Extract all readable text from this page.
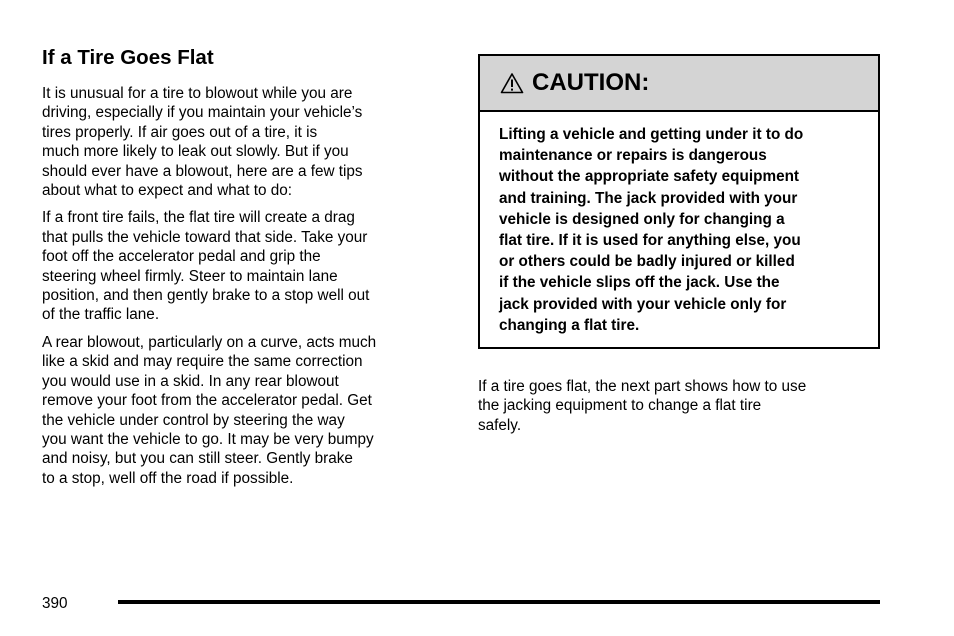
If a Tire Goes Flat

It is unusual for a tire to blowout while you are
driving, especially if you maintain your vehicle’s
tires properly. If air goes out of a tire, it is
much more likely to leak out slowly. But if you
should ever have a blowout, here are a few tips
about what to expect and what to do:

If a front tire fails, the flat tire will create a drag
that pulls the vehicle toward that side. Take your
foot off the accelerator pedal and grip the
steering wheel firmly. Steer to maintain lane
position, and then gently brake to a stop well out
of the traffic lane.

A rear blowout, particularly on a curve, acts much
like a skid and may require the same correction
you would use in a skid. In any rear blowout
remove your foot from the accelerator pedal. Get
the vehicle under control by steering the way
you want the vehicle to go. It may be very bumpy
and noisy, but you can still steer. Gently brake
to a stop, well off the road if possible.

CAUTION:
Lifting a vehicle and getting under it to do
maintenance or repairs is dangerous
without the appropriate safety equipment
and training. The jack provided with your
vehicle is designed only for changing a
flat tire. If it is used for anything else, you
or others could be badly injured or killed
if the vehicle slips off the jack. Use the
jack provided with your vehicle only for
changing a flat tire.

If a tire goes flat, the next part shows how to use
the jacking equipment to change a flat tire
safely.

390
